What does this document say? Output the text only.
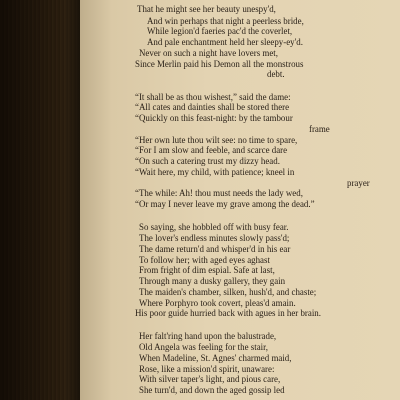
That he might see her beauty unespy'd,
And win perhaps that night a peerless bride,
While legion'd faeries pac'd the coverlet,
And pale enchantment held her sleepy-ey'd.
Never on such a night have lovers met,
Since Merlin paid his Demon all the monstrous
debt.
“It shall be as thou wishest,” said the dame:
“All cates and dainties shall be stored there
“Quickly on this feast-night: by the tambour
frame
“Her own lute thou wilt see: no time to spare,
“For I am slow and feeble, and scarce dare
“On such a catering trust my dizzy head.
“Wait here, my child, with patience; kneel in
prayer
“The while: Ah! thou must needs the lady wed,
“Or may I never leave my grave among the dead.”
So saying, she hobbled off with busy fear.
The lover's endless minutes slowly pass'd;
The dame return'd and whisper'd in his ear
To follow her; with aged eyes aghast
From fright of dim espial. Safe at last,
Through many a dusky gallery, they gain
The maiden's chamber, silken, hush'd, and chaste;
Where Porphyro took covert, pleas'd amain.
His poor guide hurried back with agues in her brain.
Her falt'ring hand upon the balustrade,
Old Angela was feeling for the stair,
When Madeline, St. Agnes' charmed maid,
Rose, like a mission'd spirit, unaware:
With silver taper's light, and pious care,
She turn'd, and down the aged gossip led
